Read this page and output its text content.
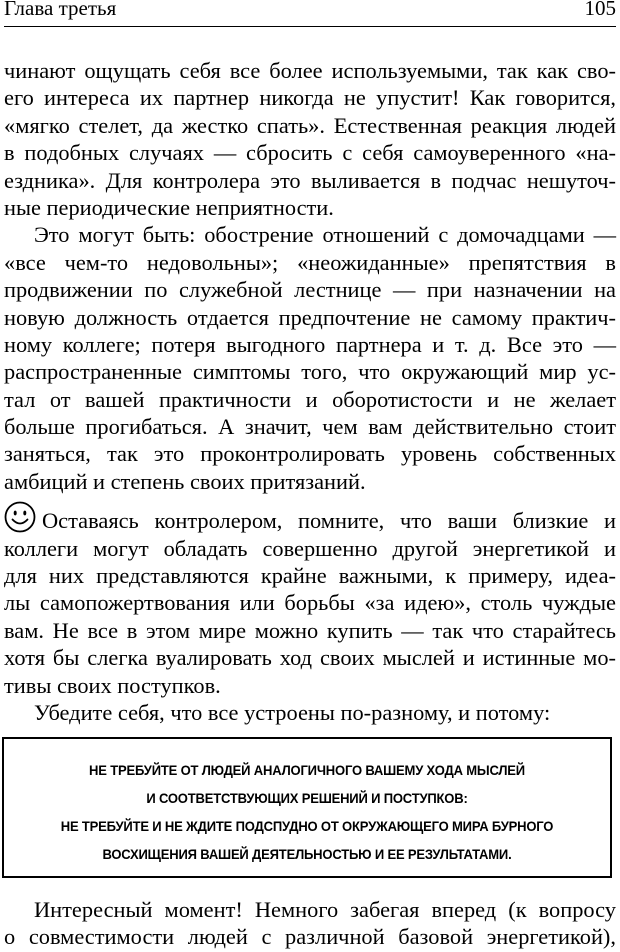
Глава третья	105
чинают ощущать себя все более используемыми, так как сво-
его интереса их партнер никогда не упустит! Как говорится,
«мягко стелет, да жестко спать». Естественная реакция людей
в подобных случаях — сбросить с себя самоуверенного «на-
ездника». Для контролера это выливается в подчас нешуточ-
ные периодические неприятности.
Это могут быть: обострение отношений с домочадцами —
«все чем-то недовольны»; «неожиданные» препятствия в
продвижении по служебной лестнице — при назначении на
новую должность отдается предпочтение не самому практич-
ному коллеге; потеря выгодного партнера и т. д. Все это —
распространенные симптомы того, что окружающий мир ус-
тал от вашей практичности и оборотистости и не желает
больше прогибаться. А значит, чем вам действительно стоит
заняться, так это проконтролировать уровень собственных
амбиций и степень своих притязаний.
Оставаясь контролером, помните, что ваши близкие и
коллеги могут обладать совершенно другой энергетикой и
для них представляются крайне важными, к примеру, идеа-
лы самопожертвования или борьбы «за идею», столь чуждые
вам. Не все в этом мире можно купить — так что старайтесь
хотя бы слегка вуалировать ход своих мыслей и истинные мо-
тивы своих поступков.
Убедите себя, что все устроены по-разному, и потому:
НЕ ТРЕБУЙТЕ ОТ ЛЮДЕЙ АНАЛОГИЧНОГО ВАШЕМУ ХОДА МЫСЛЕЙ
И СООТВЕТСТВУЮЩИХ РЕШЕНИЙ И ПОСТУПКОВ:
НЕ ТРЕБУЙТЕ И НЕ ЖДИТЕ ПОДСПУДНО ОТ ОКРУЖАЮЩЕГО МИРА БУРНОГО
ВОСХИЩЕНИЯ ВАШЕЙ ДЕЯТЕЛЬНОСТЬЮ И ЕЕ РЕЗУЛЬТАТАМИ.
Интересный момент! Немного забегая вперед (к вопросу
о совместимости людей с различной базовой энергетикой),
